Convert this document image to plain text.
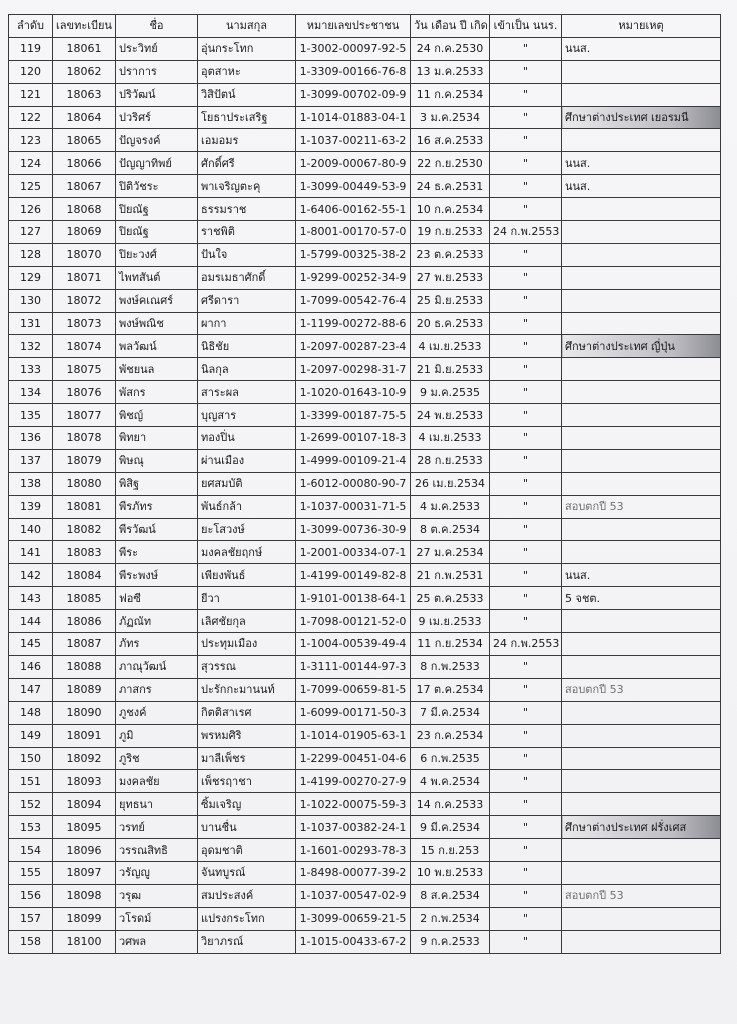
ลำดับ	เลขทะเบียน	ชื่อ	นามสกุล	หมายเลขประชาชน	วัน เดือน ปี เกิด	เข้าเป็น นนร.	หมายเหตุ
119	18061	ประวิทย์	อุ่นกระโทก	1-3002-00097-92-5	24 ก.ค.2530	"	นนส.
120	18062	ปราการ	อุตสาหะ	1-3309-00166-76-8	13 ม.ค.2533	"	
121	18063	ปริวัฒน์	วิสิปัตน์	1-3099-00702-09-9	11 ก.ค.2534	"	
122	18064	ปวริศร์	โยธาประเสริฐ	1-1014-01883-04-1	3 ม.ค.2534	"	ศึกษาต่างประเทศ เยอรมนี
123	18065	ปัญจรงค์	เอมอมร	1-1037-00211-63-2	16 ส.ค.2533	"	
124	18066	ปัญญาทิพย์	ศักดิ์ศรี	1-2009-00067-80-9	22 ก.ย.2530	"	นนส.
125	18067	ปิติวัชระ	พาเจริญตะคุ	1-3099-00449-53-9	24 ธ.ค.2531	"	นนส.
126	18068	ปิยณัฐ	ธรรมราช	1-6406-00162-55-1	10 ก.ค.2534	"	
127	18069	ปิยณัฐ	ราชพิติ	1-8001-00170-57-0	19 ก.ย.2533	24 ก.พ.2553	
128	18070	ปิยะวงศ์	ปันใจ	1-5799-00325-38-2	23 ต.ค.2533	"	
129	18071	ไพทสันต์	อมรเมธาศักดิ์	1-9299-00252-34-9	27 พ.ย.2533	"	
130	18072	พงษ์คเณศร์	ศรีดารา	1-7099-00542-76-4	25 มิ.ย.2533	"	
131	18073	พงษ์พณิช	ผากา	1-1199-00272-88-6	20 ธ.ค.2533	"	
132	18074	พลวัฒน์	นิธิชัย	1-2097-00287-23-4	4 เม.ย.2533	"	ศึกษาต่างประเทศ ญี่ปุ่น
133	18075	พัชยนล	นิลกุล	1-2097-00298-31-7	21 มิ.ย.2533	"	
134	18076	พัสกร	สาระผล	1-1020-01643-10-9	9 ม.ค.2535	"	
135	18077	พิชญ์	บุญสาร	1-3399-00187-75-5	24 พ.ย.2533	"	
136	18078	พิทยา	ทองปิ่น	1-2699-00107-18-3	4 เม.ย.2533	"	
137	18079	พิษณุ	ผ่านเมือง	1-4999-00109-21-4	28 ก.ย.2533	"	
138	18080	พิสิฐ	ยศสมบัติ	1-6012-00080-90-7	26 เม.ย.2534	"	
139	18081	พีรภัทร	พันธ์กล้า	1-1037-00031-71-5	4 ม.ค.2533	"	สอบตกปี 53
140	18082	พีรวัฒน์	ยะโสวงษ์	1-3099-00736-30-9	8 ต.ค.2534	"	
141	18083	พีระ	มงคลชัยฤกษ์	1-2001-00334-07-1	27 ม.ค.2534	"	
142	18084	พีระพงษ์	เพียงพันธ์	1-4199-00149-82-8	21 ก.พ.2531	"	นนส.
143	18085	ฟอซี	ยีวา	1-9101-00138-64-1	25 ต.ค.2533	"	5 จชต.
144	18086	ภัฏณัท	เลิศชัยกุล	1-7098-00121-52-0	9 เม.ย.2533	"	
145	18087	ภัทร	ประทุมเมือง	1-1004-00539-49-4	11 ก.ย.2534	24 ก.พ.2553	
146	18088	ภาณุวัฒน์	สุวรรณ	1-3111-00144-97-3	8 ก.พ.2533	"	
147	18089	ภาสกร	ปะรักกะมานนท์	1-7099-00659-81-5	17 ต.ค.2534	"	สอบตกปี 53
148	18090	ภูชงค์	กิตติสาเรศ	1-6099-00171-50-3	7 มี.ค.2534	"	
149	18091	ภูมิ	พรหมศิริ	1-1014-01905-63-1	23 ก.ค.2534	"	
150	18092	ภูริช	มาลีเพ็ชร	1-2299-00451-04-6	6 ก.พ.2535	"	
151	18093	มงคลชัย	เพ็ชรฤาชา	1-4199-00270-27-9	4 พ.ค.2534	"	
152	18094	ยุทธนา	ซิ้มเจริญ	1-1022-00075-59-3	14 ก.ค.2533	"	
153	18095	วรทย์	บานชื่น	1-1037-00382-24-1	9 มี.ค.2534	"	ศึกษาต่างประเทศ ฝรั่งเศส
154	18096	วรรณสิทธิ	อุดมชาติ	1-1601-00293-78-3	15 ก.ย.253	"	
155	18097	วรัญญู	จันทบูรณ์	1-8498-00077-39-2	10 พ.ย.2533	"	
156	18098	วรุฒ	สมประสงค์	1-1037-00547-02-9	8 ส.ค.2534	"	สอบตกปี 53
157	18099	วโรดม์	แปรงกระโทก	1-3099-00659-21-5	2 ก.พ.2534	"	
158	18100	วศพล	วิยาภรณ์	1-1015-00433-67-2	9 ก.ค.2533	"	
